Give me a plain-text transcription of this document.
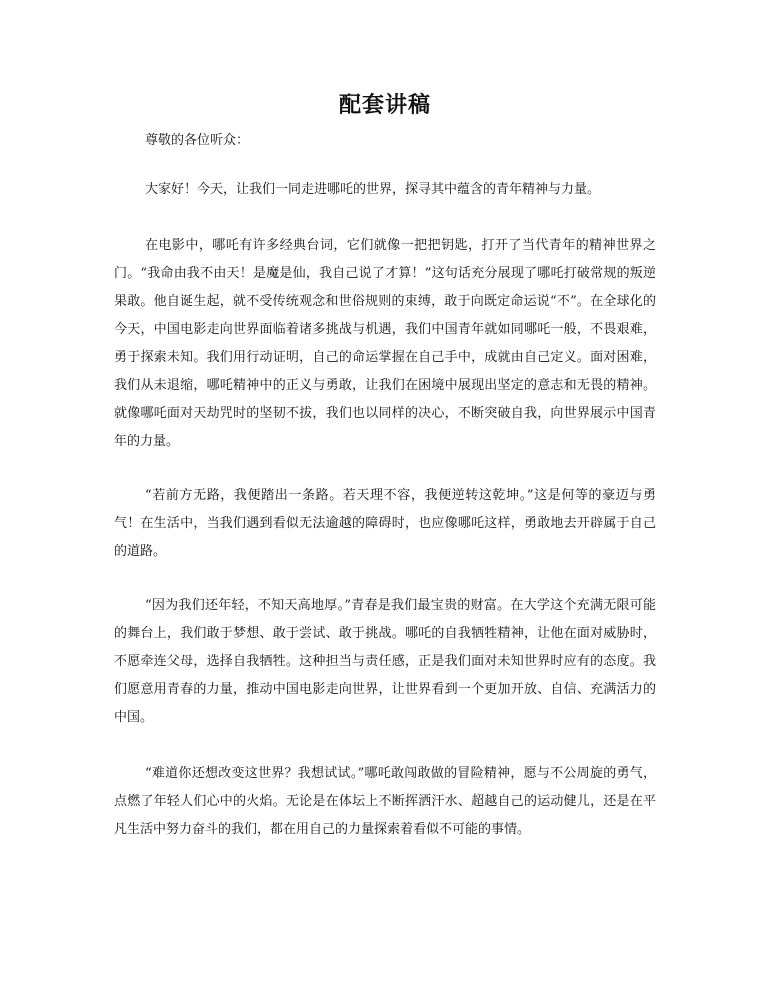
配套讲稿
尊敬的各位听众：

大家好！今天，让我们一同走进哪吒的世界，探寻其中蕴含的青年精神与力量。

在电影中，哪吒有许多经典台词，它们就像一把把钥匙，打开了当代青年的精神世界之门。“我命由我不由天！是魔是仙，我自己说了才算！”这句话充分展现了哪吒打破常规的叛逆果敢。他自诞生起，就不受传统观念和世俗规则的束缚，敢于向既定命运说“不”。在全球化的今天，中国电影走向世界面临着诸多挑战与机遇，我们中国青年就如同哪吒一般，不畏艰难，勇于探索未知。我们用行动证明，自己的命运掌握在自己手中，成就由自己定义。面对困难，我们从未退缩，哪吒精神中的正义与勇敢，让我们在困境中展现出坚定的意志和无畏的精神。就像哪吒面对天劫咒时的坚韧不拔，我们也以同样的决心，不断突破自我，向世界展示中国青年的力量。

“若前方无路，我便踏出一条路。若天理不容，我便逆转这乾坤。”这是何等的豪迈与勇气！在生活中，当我们遇到看似无法逾越的障碍时，也应像哪吒这样，勇敢地去开辟属于自己的道路。

“因为我们还年轻，不知天高地厚。”青春是我们最宝贵的财富。在大学这个充满无限可能的舞台上，我们敢于梦想、敢于尝试、敢于挑战。哪吒的自我牺牲精神，让他在面对威胁时，不愿牵连父母，选择自我牺牲。这种担当与责任感，正是我们面对未知世界时应有的态度。我们愿意用青春的力量，推动中国电影走向世界，让世界看到一个更加开放、自信、充满活力的中国。

“难道你还想改变这世界？我想试试。”哪吒敢闯敢做的冒险精神，愿与不公周旋的勇气，点燃了年轻人们心中的火焰。无论是在体坛上不断挥洒汗水、超越自己的运动健儿，还是在平凡生活中努力奋斗的我们，都在用自己的力量探索着看似不可能的事情。
